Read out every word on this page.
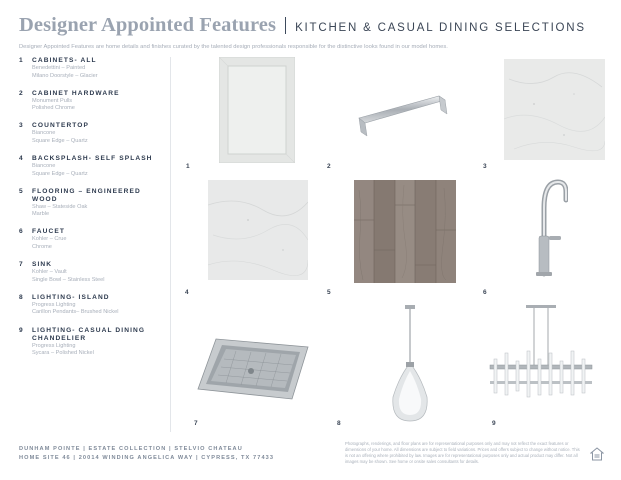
Designer Appointed Features KITCHEN & CASUAL DINING SELECTIONS
Designer Appointed Features are home details and finishes curated by the talented design professionals responsible for the distinctive looks found in our model homes.
1 CABINETS- ALL
Benedettini – Painted
Milano Doorstyle – Glacier
2 CABINET HARDWARE
Monument Pulls
Polished Chrome
3 COUNTERTOP
Biancone
Square Edge – Quartz
4 BACKSPLASH- SELF SPLASH
Biancone
Square Edge – Quartz
5 FLOORING – ENGINEERED WOOD
Shaw – Stateside Oak
Marble
6 FAUCET
Kohler – Crue
Chrome
7 SINK
Kohler – Vault
Single Bowl – Stainless Steel
8 LIGHTING- ISLAND
Progress Lighting
Carillon Pendants– Brushed Nickel
9 LIGHTING- CASUAL DINING CHANDELIER
Progress Lighting
Sycara – Polished Nickel
1	2	3
4	5	6
7	8	9
DUNHAM POINTE | ESTATE COLLECTION | STELVIO CHATEAU
HOME SITE 46 | 20014 WINDING ANGELICA WAY | CYPRESS, TX 77433
Photographs, renderings, and floor plans are for representational purposes only and may not reflect the exact features or dimensions of your home. All dimensions are subject to field variations. Prices and offers subject to change without notice. This is not an offering where prohibited by law. Images are for representational purposes only and actual product may differ. Not all images may be shown. See home or onsite sales consultants for details.
